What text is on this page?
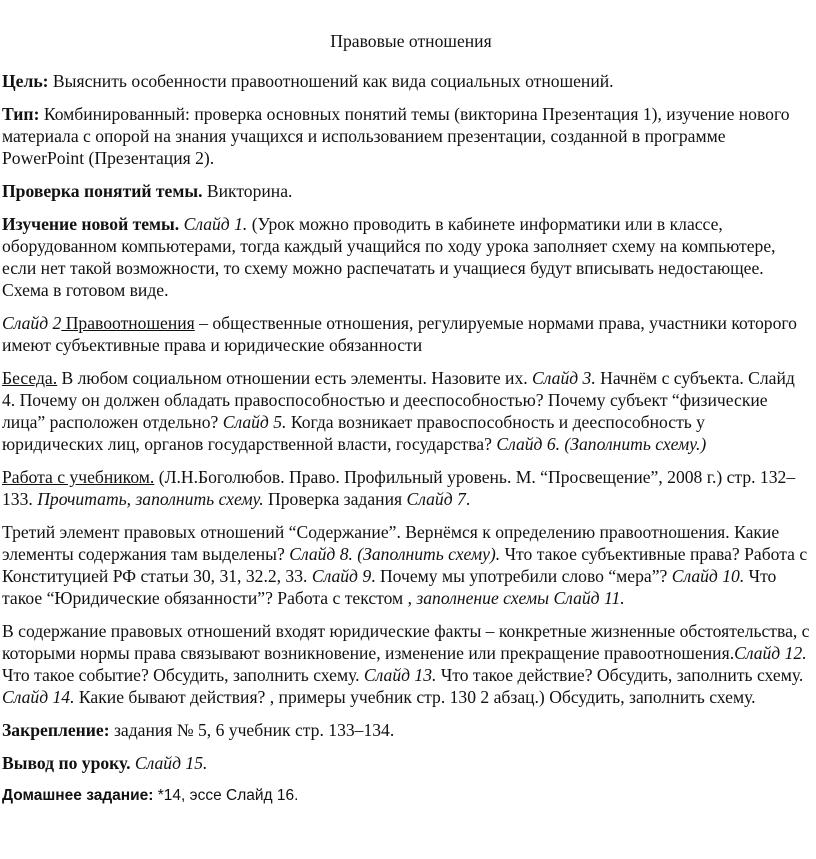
Правовые отношения

Цель: Выяснить особенности правоотношений как вида социальных отношений.

Тип: Комбинированный: проверка основных понятий темы (викторина Презентация 1), изучение нового материала с опорой на знания учащихся и использованием презентации, созданной в программе PowerPoint (Презентация 2).

Проверка понятий темы. Викторина.

Изучение новой темы. Слайд 1. (Урок можно проводить в кабинете информатики или в классе, оборудованном компьютерами, тогда каждый учащийся по ходу урока заполняет схему на компьютере, если нет такой возможности, то схему можно распечатать и учащиеся будут вписывать недостающее. Схема в готовом виде.

Слайд 2 Правоотношения – общественные отношения, регулируемые нормами права, участники которого имеют субъективные права и юридические обязанности

Беседа. В любом социальном отношении есть элементы. Назовите их. Слайд 3. Начнём с субъекта. Слайд 4. Почему он должен обладать правоспособностью и дееспособностью? Почему субъект “физические лица” расположен отдельно? Слайд 5. Когда возникает правоспособность и дееспособность у юридических лиц, органов государственной власти, государства? Слайд 6. (Заполнить схему.)

Работа с учебником. (Л.Н.Боголюбов. Право. Профильный уровень. М. “Просвещение”, 2008 г.) стр. 132–133. Прочитать, заполнить схему. Проверка задания Слайд 7.

Третий элемент правовых отношений “Содержание”. Вернёмся к определению правоотношения. Какие элементы содержания там выделены? Слайд 8. (Заполнить схему). Что такое субъективные права? Работа с Конституцией РФ статьи 30, 31, 32.2, 33. Слайд 9. Почему мы употребили слово “мера”? Слайд 10. Что такое “Юридические обязанности”? Работа с текстом , заполнение схемы Слайд 11.

В содержание правовых отношений входят юридические факты – конкретные жизненные обстоятельства, с которыми нормы права связывают возникновение, изменение или прекращение правоотношения.Слайд 12. Что такое событие? Обсудить, заполнить схему. Слайд 13. Что такое действие? Обсудить, заполнить схему. Слайд 14. Какие бывают действия? , примеры учебник стр. 130 2 абзац.) Обсудить, заполнить схему.

Закрепление: задания № 5, 6 учебник стр. 133–134.

Вывод по уроку. Слайд 15.

Домашнее задание: *14, эссе Слайд 16.
